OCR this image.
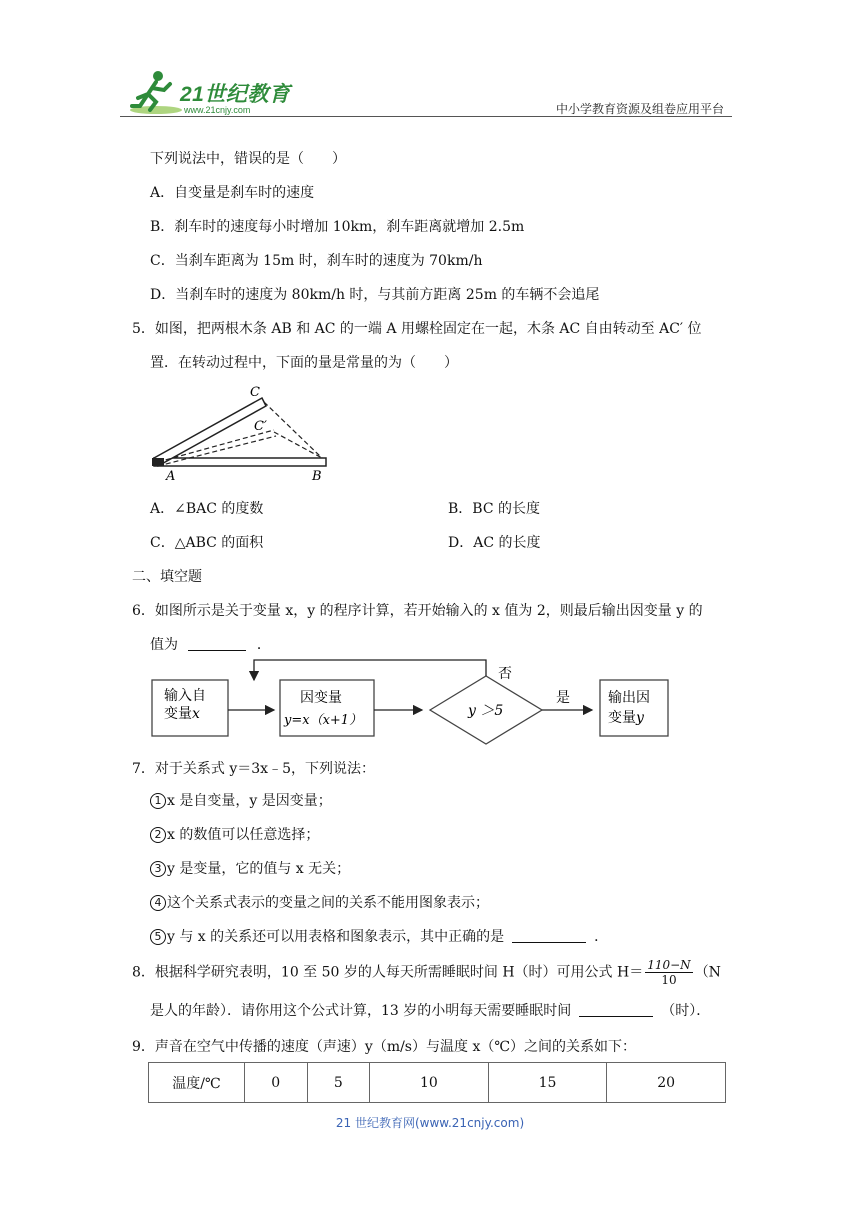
21世纪教育
www.21cnjy.com	中小学教育资源及组卷应用平台
下列说法中，错误的是（　　）
A．自变量是刹车时的速度
B．刹车时的速度每小时增加 10km，刹车距离就增加 2.5m
C．当刹车距离为 15m 时，刹车时的速度为 70km/h
D．当刹车时的速度为 80km/h 时，与其前方距离 25m 的车辆不会追尾
5．如图，把两根木条 AB 和 AC 的一端 A 用螺栓固定在一起，木条 AC 自由转动至 AC′ 位
置．在转动过程中，下面的量是常量的为（　　）
C
C′
A	B
A．∠BAC 的度数	B．BC 的长度
C．△ABC 的面积	D．AC 的长度
二、填空题
6．如图所示是关于变量 x，y 的程序计算，若开始输入的 x 值为 2，则最后输出因变量 y 的
值为	．
输入自
变量x
因变量
y=x（x+1）
y ＞5
否
是	输出因
变量y
7．对于关系式 y＝3x﹣5，下列说法：
1 x 是自变量，y 是因变量；
2 x 的数值可以任意选择；
3 y 是变量，它的值与 x 无关；
4 这个关系式表示的变量之间的关系不能用图象表示；
5 y 与 x 的关系还可以用表格和图象表示，其中正确的是	．
8．根据科学研究表明，10 至 50 岁的人每天所需睡眠时间 H（时）可用公式 $H= \frac{110-N}{10} (N$
是人的年龄）．请你用这个公式计算，13 岁的小明每天需要睡眠时间	（时）．
9．声音在空气中传播的速度（声速）y（m/s）与温度 x（℃）之间的关系如下：
温度/℃	0	5	10	15	20
21 世纪教育网(www.21cnjy.com)
